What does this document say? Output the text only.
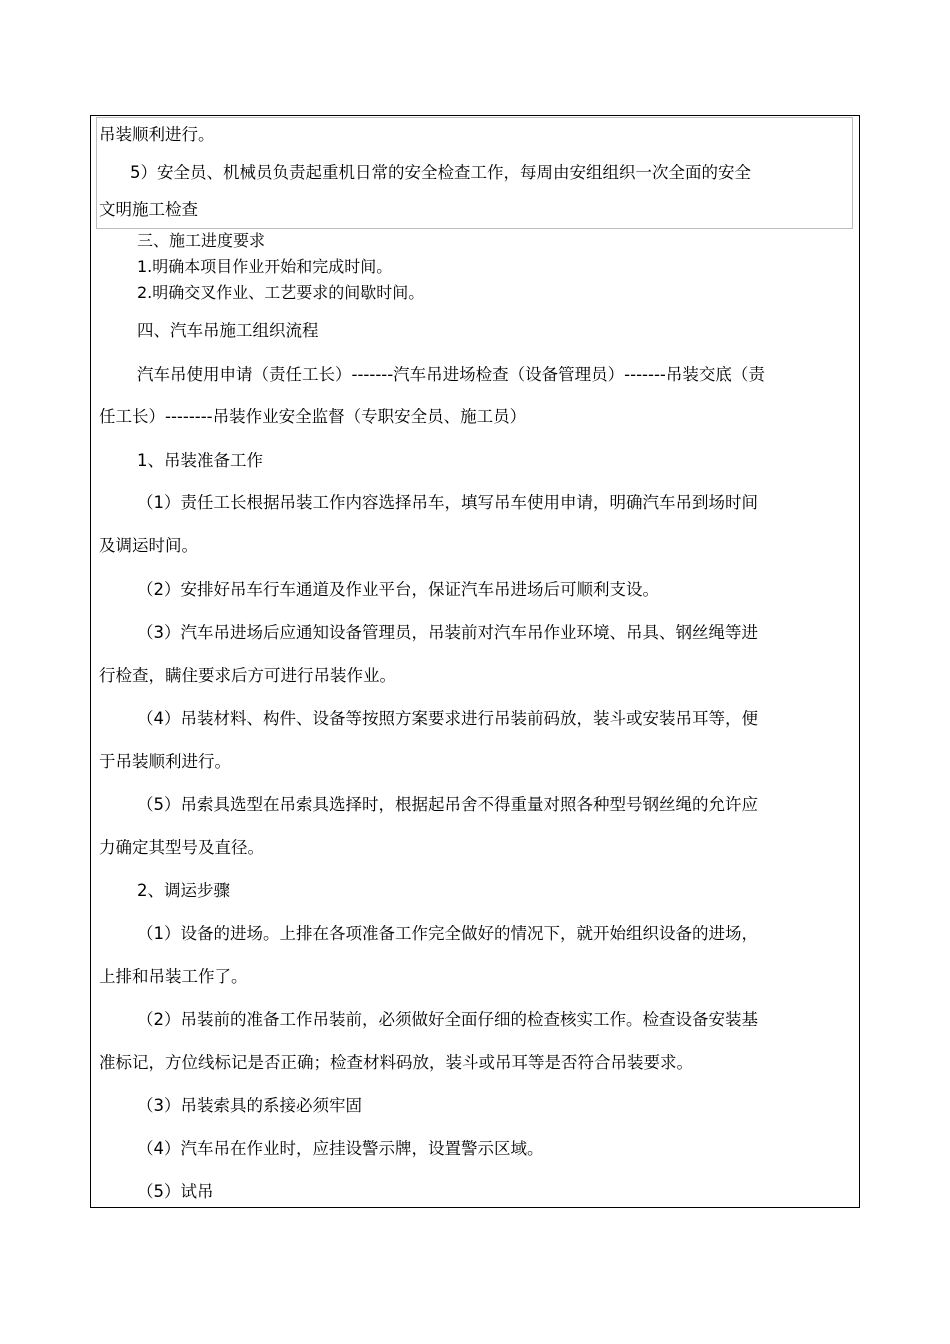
吊装顺利进行。
5）安全员、机械员负责起重机日常的安全检查工作，每周由安组组织一次全面的安全
文明施工检查
三、施工进度要求
1.明确本项目作业开始和完成时间。
2.明确交叉作业、工艺要求的间歇时间。
四、汽车吊施工组织流程
汽车吊使用申请（责任工长）-------汽车吊进场检查（设备管理员）-------吊装交底（责
任工长）--------吊装作业安全监督（专职安全员、施工员）
1、吊装准备工作
（1）责任工长根据吊装工作内容选择吊车，填写吊车使用申请，明确汽车吊到场时间
及调运时间。
（2）安排好吊车行车通道及作业平台，保证汽车吊进场后可顺利支设。
（3）汽车吊进场后应通知设备管理员，吊装前对汽车吊作业环境、吊具、钢丝绳等进
行检查，瞒住要求后方可进行吊装作业。
（4）吊装材料、构件、设备等按照方案要求进行吊装前码放，装斗或安装吊耳等，便
于吊装顺利进行。
（5）吊索具选型在吊索具选择时，根据起吊舍不得重量对照各种型号钢丝绳的允许应
力确定其型号及直径。
2、调运步骤
（1）设备的进场。上排在各项准备工作完全做好的情况下，就开始组织设备的进场，
上排和吊装工作了。
（2）吊装前的准备工作吊装前，必须做好全面仔细的检查核实工作。检查设备安装基
准标记，方位线标记是否正确；检查材料码放，装斗或吊耳等是否符合吊装要求。
（3）吊装索具的系接必须牢固
（4）汽车吊在作业时，应挂设警示牌，设置警示区域。
（5）试吊
